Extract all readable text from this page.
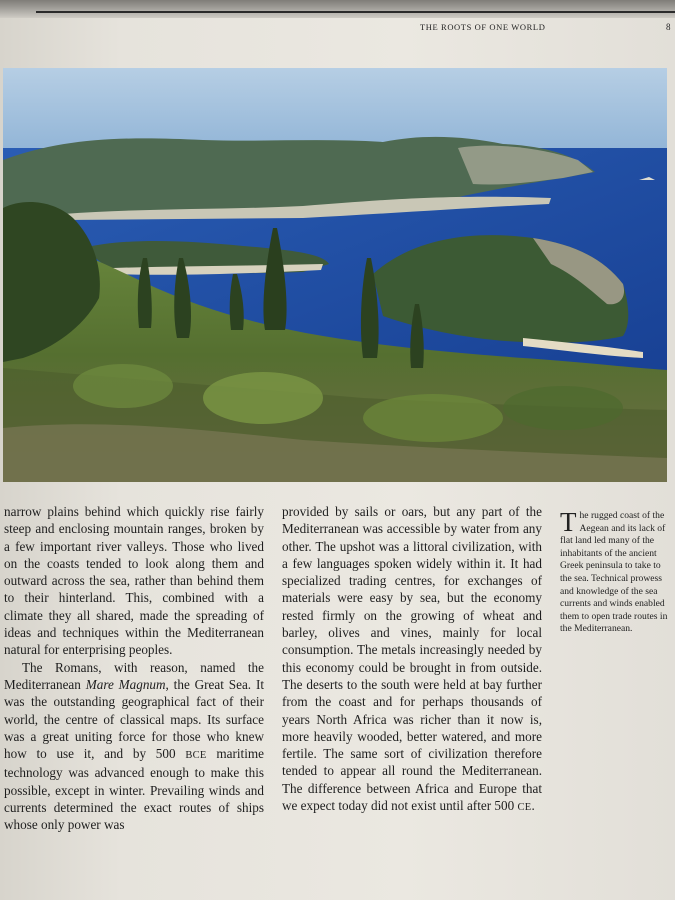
THE ROOTS OF ONE WORLD	8

narrow plains behind which quickly rise fairly steep and enclosing mountain ranges, broken by a few important river valleys. Those who lived on the coasts tended to look along them and outward across the sea, rather than behind them to their hinterland. This, combined with a climate they all shared, made the spreading of ideas and techniques within the Mediterranean natural for enterprising peoples.

The Romans, with reason, named the Mediterranean Mare Magnum, the Great Sea. It was the outstanding geographical fact of their world, the centre of classical maps. Its surface was a great uniting force for those who knew how to use it, and by 500 BCE maritime technology was advanced enough to make this possible, except in winter. Prevailing winds and currents determined the exact routes of ships whose only power was

provided by sails or oars, but any part of the Mediterranean was accessible by water from any other. The upshot was a littoral civilization, with a few languages spoken widely within it. It had specialized trading centres, for exchanges of materials were easy by sea, but the economy rested firmly on the growing of wheat and barley, olives and vines, mainly for local consumption. The metals increasingly needed by this economy could be brought in from outside. The deserts to the south were held at bay further from the coast and for perhaps thousands of years North Africa was richer than it now is, more heavily wooded, better watered, and more fertile. The same sort of civilization therefore tended to appear all round the Mediterranean. The difference between Africa and Europe that we expect today did not exist until after 500 CE.

The rugged coast of the Aegean and its lack of flat land led many of the inhabitants of the ancient Greek peninsula to take to the sea. Technical prowess and knowledge of the sea currents and winds enabled them to open trade routes in the Mediterranean.
